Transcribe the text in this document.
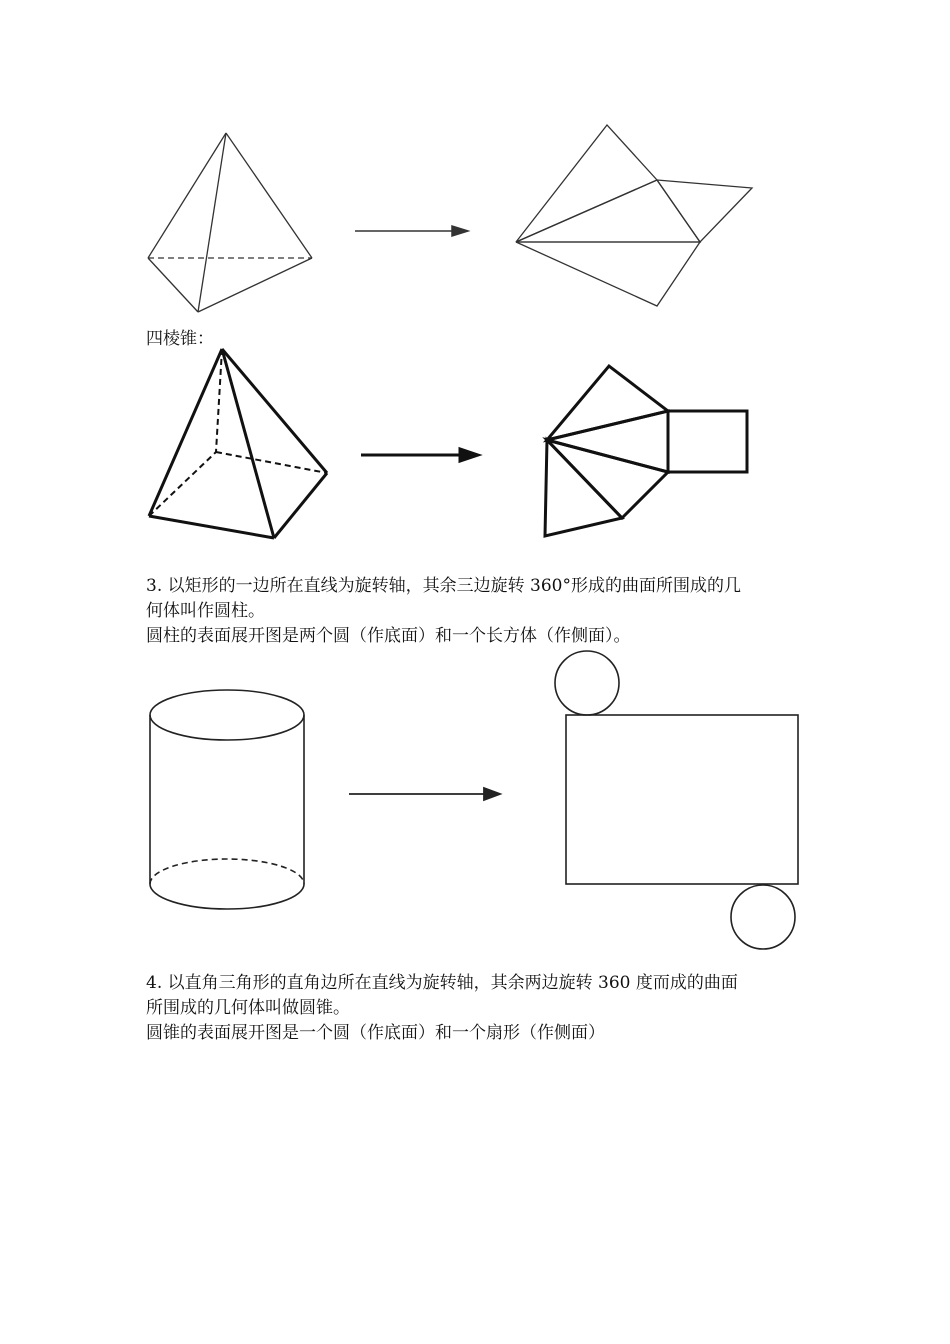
四棱锥：

3. 以矩形的一边所在直线为旋转轴，其余三边旋转 360°形成的曲面所围成的几

何体叫作圆柱。

圆柱的表面展开图是两个圆（作底面）和一个长方体（作侧面）。

4. 以直角三角形的直角边所在直线为旋转轴，其余两边旋转 360 度而成的曲面

所围成的几何体叫做圆锥。

圆锥的表面展开图是一个圆（作底面）和一个扇形（作侧面）
